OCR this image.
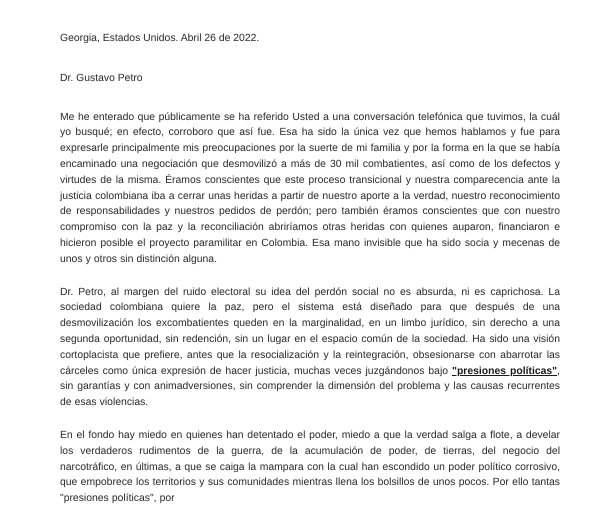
Georgia, Estados Unidos. Abril 26 de 2022.
Dr. Gustavo Petro

Me he enterado que públicamente se ha referido Usted a una conversación telefónica que tuvimos, la cuál yo busqué; en efecto, corroboro que así fue. Esa ha sido la única vez que hemos hablamos y fue para expresarle principalmente mis preocupaciones por la suerte de mi familia y por la forma en la que se había encaminado una negociación que desmovilizó a más de 30 mil combatientes, así como de los defectos y virtudes de la misma. Éramos conscientes que este proceso transicional y nuestra comparecencia ante la justicia colombiana iba a cerrar unas heridas a partir de nuestro aporte a la verdad, nuestro reconocimiento de responsabilidades y nuestros pedidos de perdón; pero también éramos conscientes que con nuestro compromiso con la paz y la reconciliación abriríamos otras heridas con quienes auparon, financiaron e hicieron posible el proyecto paramilitar en Colombia. Esa mano invisible que ha sido socia y mecenas de unos y otros sin distinción alguna.

Dr. Petro, al margen del ruido electoral su idea del perdón social no es absurda, ni es caprichosa. La sociedad colombiana quiere la paz, pero el sistema está diseñado para que después de una desmovilización los excombatientes queden en la marginalidad, en un limbo jurídico, sin derecho a una segunda oportunidad, sin redención, sin un lugar en el espacio común de la sociedad. Ha sido una visión cortoplacista que prefiere, antes que la resocialización y la reintegración, obsesionarse con abarrotar las cárceles como única expresión de hacer justicia, muchas veces juzgándonos bajo "presiones políticas", sin garantías y con animadversiones, sin comprender la dimensión del problema y las causas recurrentes de esas violencias.

En el fondo hay miedo en quienes han detentado el poder, miedo a que la verdad salga a flote, a develar los verdaderos rudimentos de la guerra, de la acumulación de poder, de tierras, del negocio del narcotráfico, en últimas, a que se caiga la mampara con la cual han escondido un poder político corrosivo, que empobrece los territorios y sus comunidades mientras llena los bolsillos de unos pocos. Por ello tantas "presiones políticas", por
